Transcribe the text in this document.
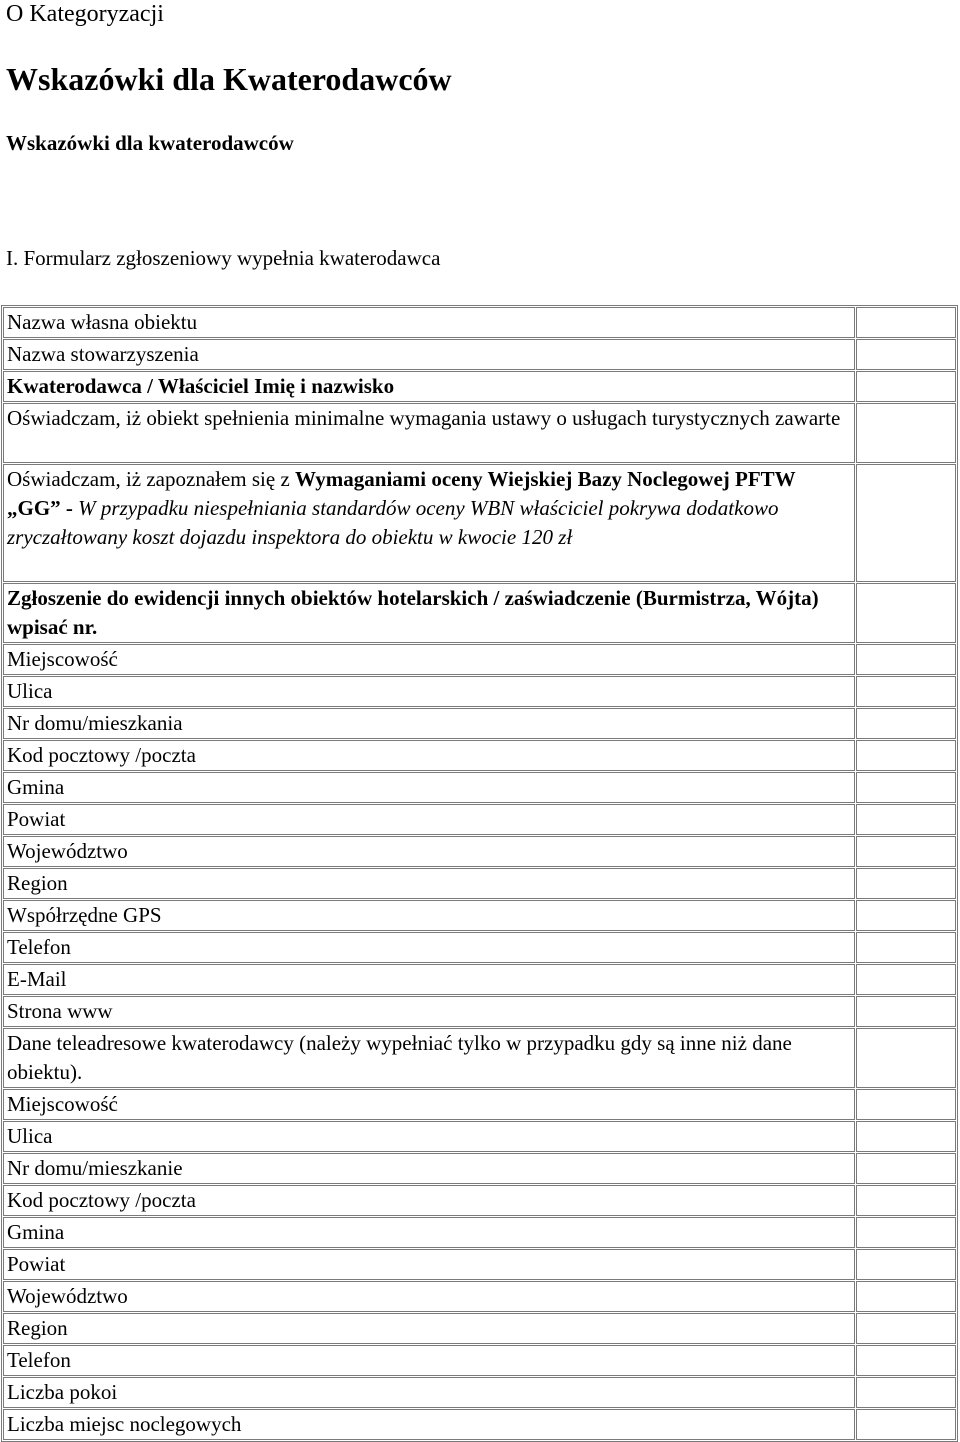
O Kategoryzacji
Wskazówki dla Kwaterodawców
Wskazówki dla kwaterodawców
I. Formularz zgłoszeniowy wypełnia kwaterodawca
Nazwa własna obiektu	
Nazwa stowarzyszenia	
Kwaterodawca / Właściciel Imię i nazwisko	
Oświadczam, iż obiekt spełnienia minimalne wymagania ustawy o usługach turystycznych zawarte	
Oświadczam, iż zapoznałem się z Wymaganiami oceny Wiejskiej Bazy Noclegowej PFTW „GG” - W przypadku niespełniania standardów oceny WBN właściciel pokrywa dodatkowo zryczałtowany koszt dojazdu inspektora do obiektu w kwocie 120 zł	
Zgłoszenie do ewidencji innych obiektów hotelarskich / zaświadczenie (Burmistrza, Wójta) wpisać nr.	
Miejscowość	
Ulica	
Nr domu/mieszkania	
Kod pocztowy /poczta	
Gmina	
Powiat	
Województwo	
Region	
Współrzędne GPS	
Telefon	
E-Mail	
Strona www	
Dane teleadresowe kwaterodawcy (należy wypełniać tylko w przypadku gdy są inne niż dane obiektu).	
Miejscowość	
Ulica	
Nr domu/mieszkanie	
Kod pocztowy /poczta	
Gmina	
Powiat	
Województwo	
Region	
Telefon	
Liczba pokoi	
Liczba miejsc noclegowych	
